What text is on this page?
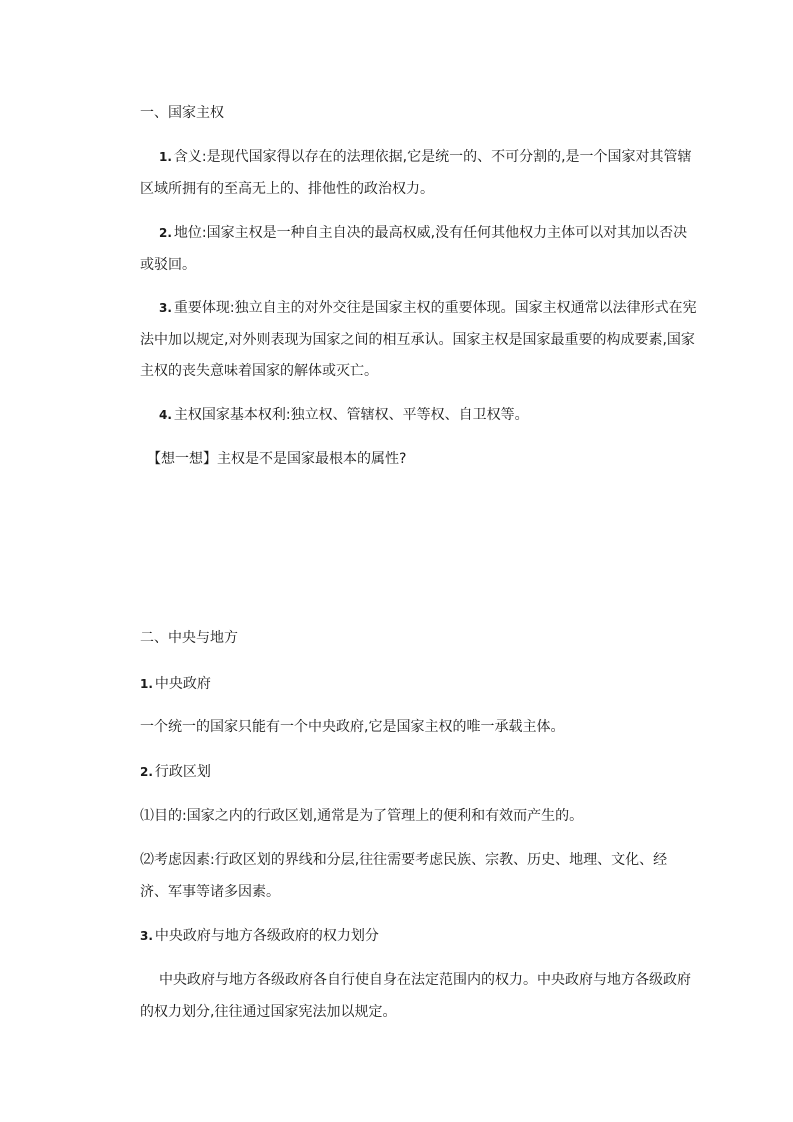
一、国家主权
1. 含义:是现代国家得以存在的法理依据,它是统一的、不可分割的,是一个国家对其管辖
区域所拥有的至高无上的、排他性的政治权力。
2. 地位:国家主权是一种自主自决的最高权威,没有任何其他权力主体可以对其加以否决
或驳回。
3. 重要体现:独立自主的对外交往是国家主权的重要体现。国家主权通常以法律形式在宪
法中加以规定,对外则表现为国家之间的相互承认。国家主权是国家最重要的构成要素,国家
主权的丧失意味着国家的解体或灭亡。
4. 主权国家基本权利:独立权、管辖权、平等权、自卫权等。
【想一想】主权是不是国家最根本的属性?
二、中央与地方
1. 中央政府
一个统一的国家只能有一个中央政府,它是国家主权的唯一承载主体。
2. 行政区划
⑴目的:国家之内的行政区划,通常是为了管理上的便利和有效而产生的。
⑵考虑因素:行政区划的界线和分层,往往需要考虑民族、宗教、历史、地理、文化、经
济、军事等诸多因素。
3. 中央政府与地方各级政府的权力划分
中央政府与地方各级政府各自行使自身在法定范围内的权力。中央政府与地方各级政府
的权力划分,往往通过国家宪法加以规定。
